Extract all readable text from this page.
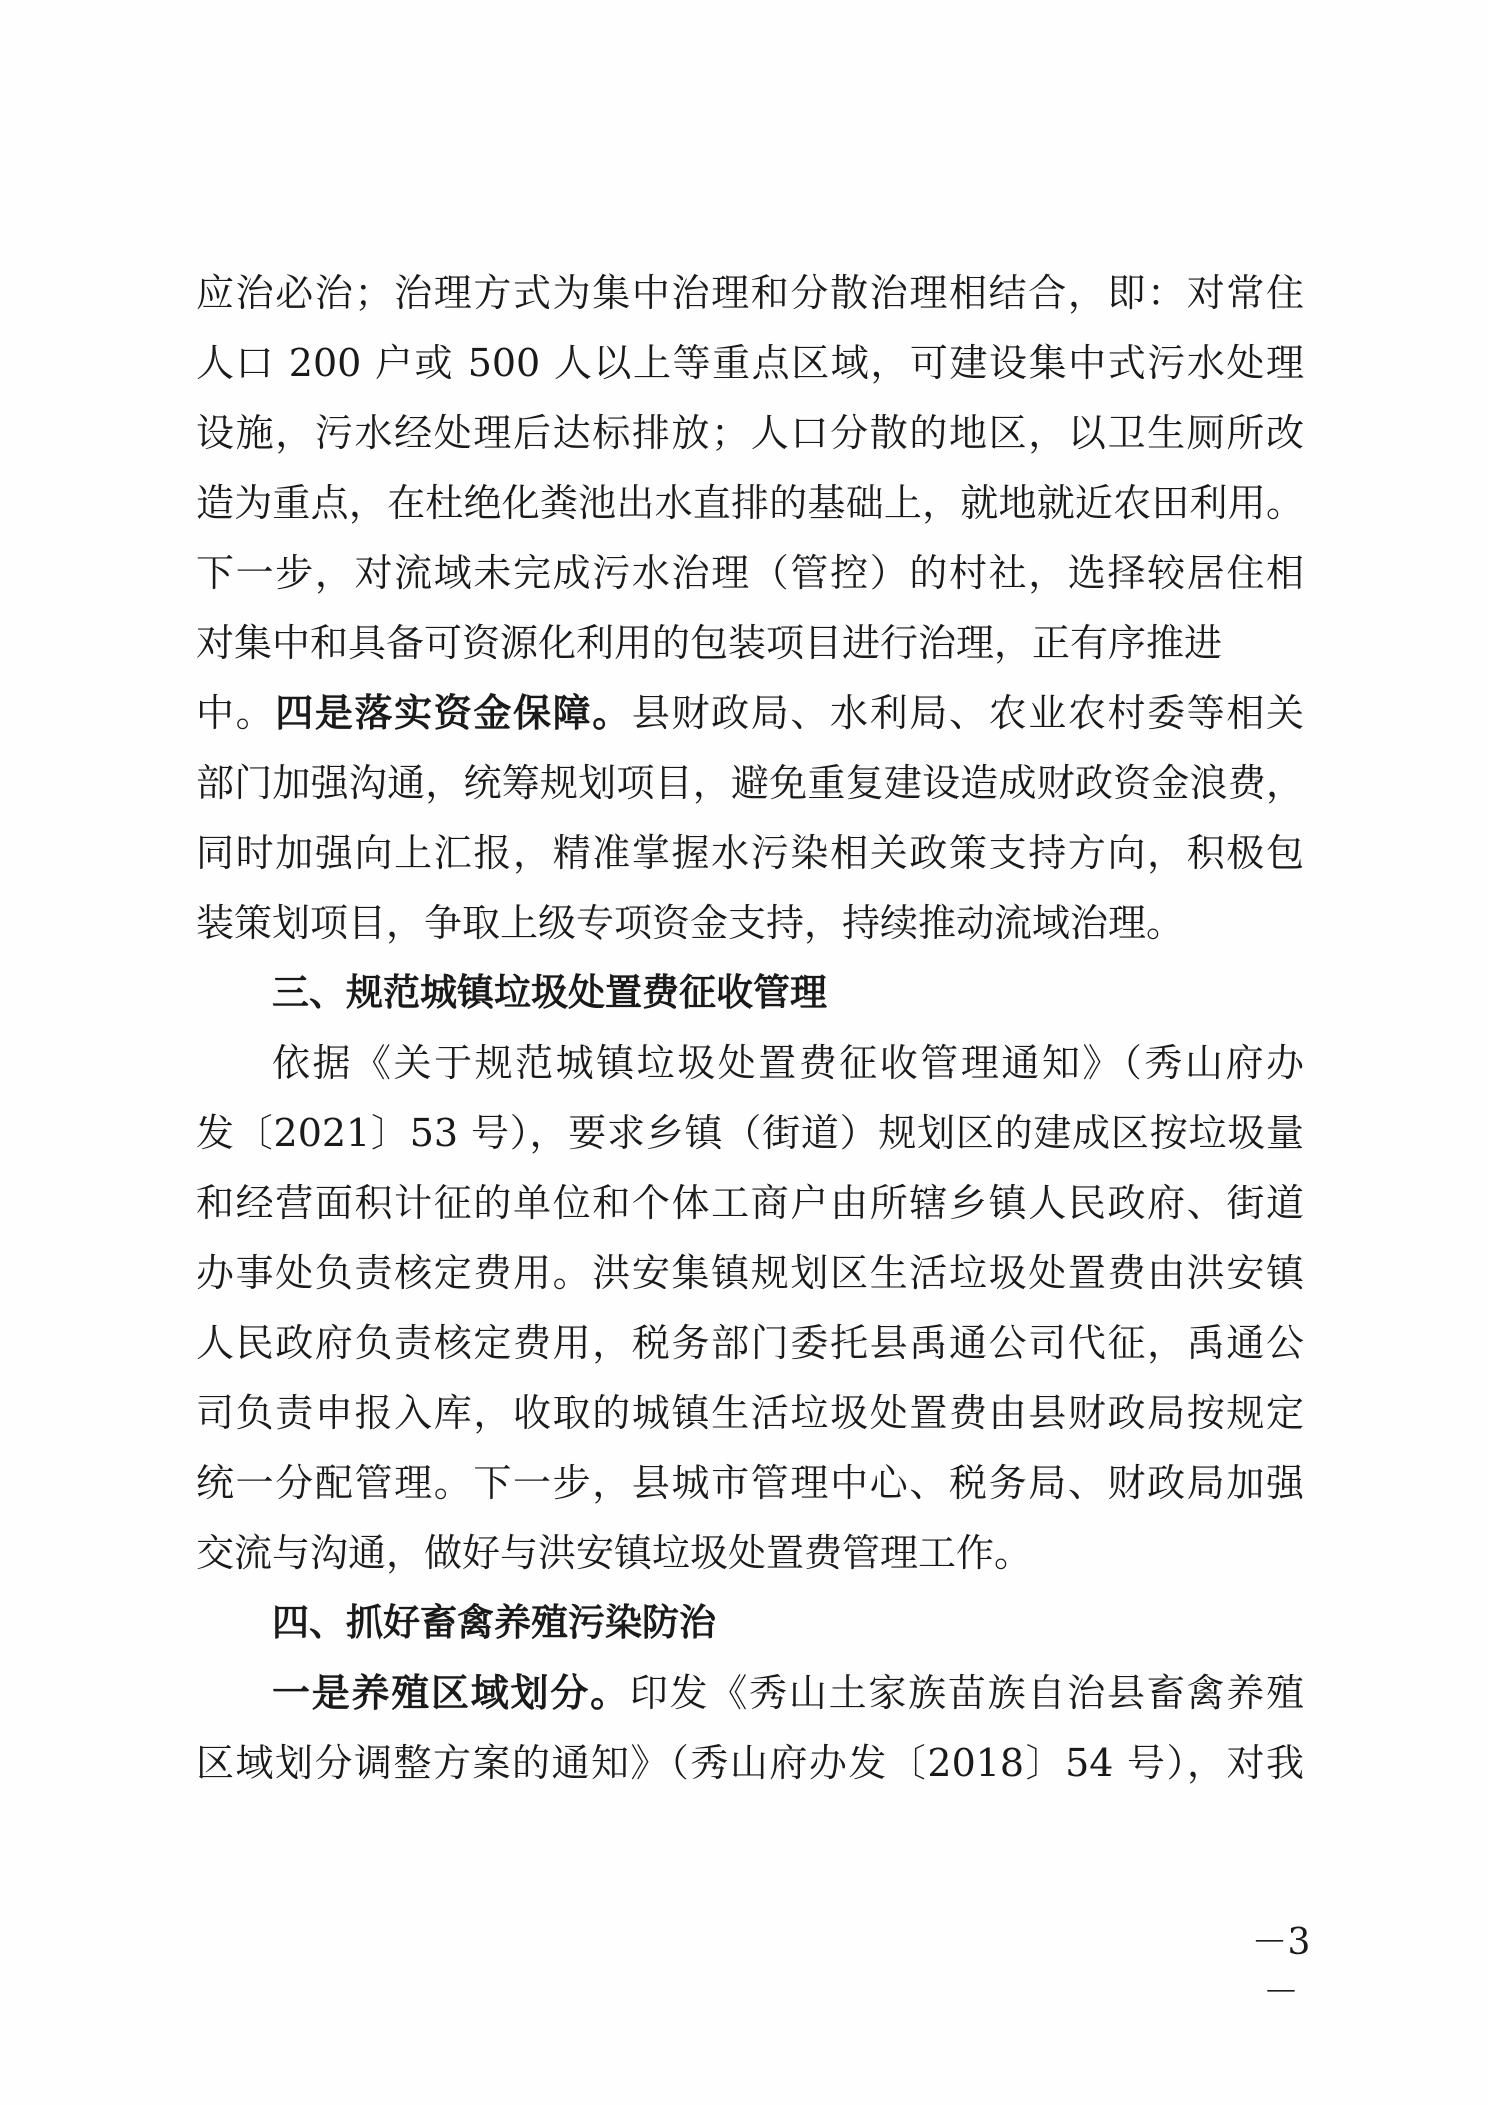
应治必治；治理方式为集中治理和分散治理相结合，即：对常住
人口 200 户或 500 人以上等重点区域，可建设集中式污水处理
设施，污水经处理后达标排放；人口分散的地区，以卫生厕所改
造为重点，在杜绝化粪池出水直排的基础上，就地就近农田利用。
下一步，对流域未完成污水治理（管控）的村社，选择较居住相
对集中和具备可资源化利用的包装项目进行治理，正有序推进
中。四是落实资金保障。县财政局、水利局、农业农村委等相关
部门加强沟通，统筹规划项目，避免重复建设造成财政资金浪费，
同时加强向上汇报，精准掌握水污染相关政策支持方向，积极包
装策划项目，争取上级专项资金支持，持续推动流域治理。
三、规范城镇垃圾处置费征收管理
依据《关于规范城镇垃圾处置费征收管理通知》（秀山府办
发〔2021〕53 号），要求乡镇（街道）规划区的建成区按垃圾量
和经营面积计征的单位和个体工商户由所辖乡镇人民政府、街道
办事处负责核定费用。洪安集镇规划区生活垃圾处置费由洪安镇
人民政府负责核定费用，税务部门委托县禹通公司代征，禹通公
司负责申报入库，收取的城镇生活垃圾处置费由县财政局按规定
统一分配管理。下一步，县城市管理中心、税务局、财政局加强
交流与沟通，做好与洪安镇垃圾处置费管理工作。
四、抓好畜禽养殖污染防治
一是养殖区域划分。印发《秀山土家族苗族自治县畜禽养殖
区域划分调整方案的通知》（秀山府办发〔2018〕54 号），对我
－3－
